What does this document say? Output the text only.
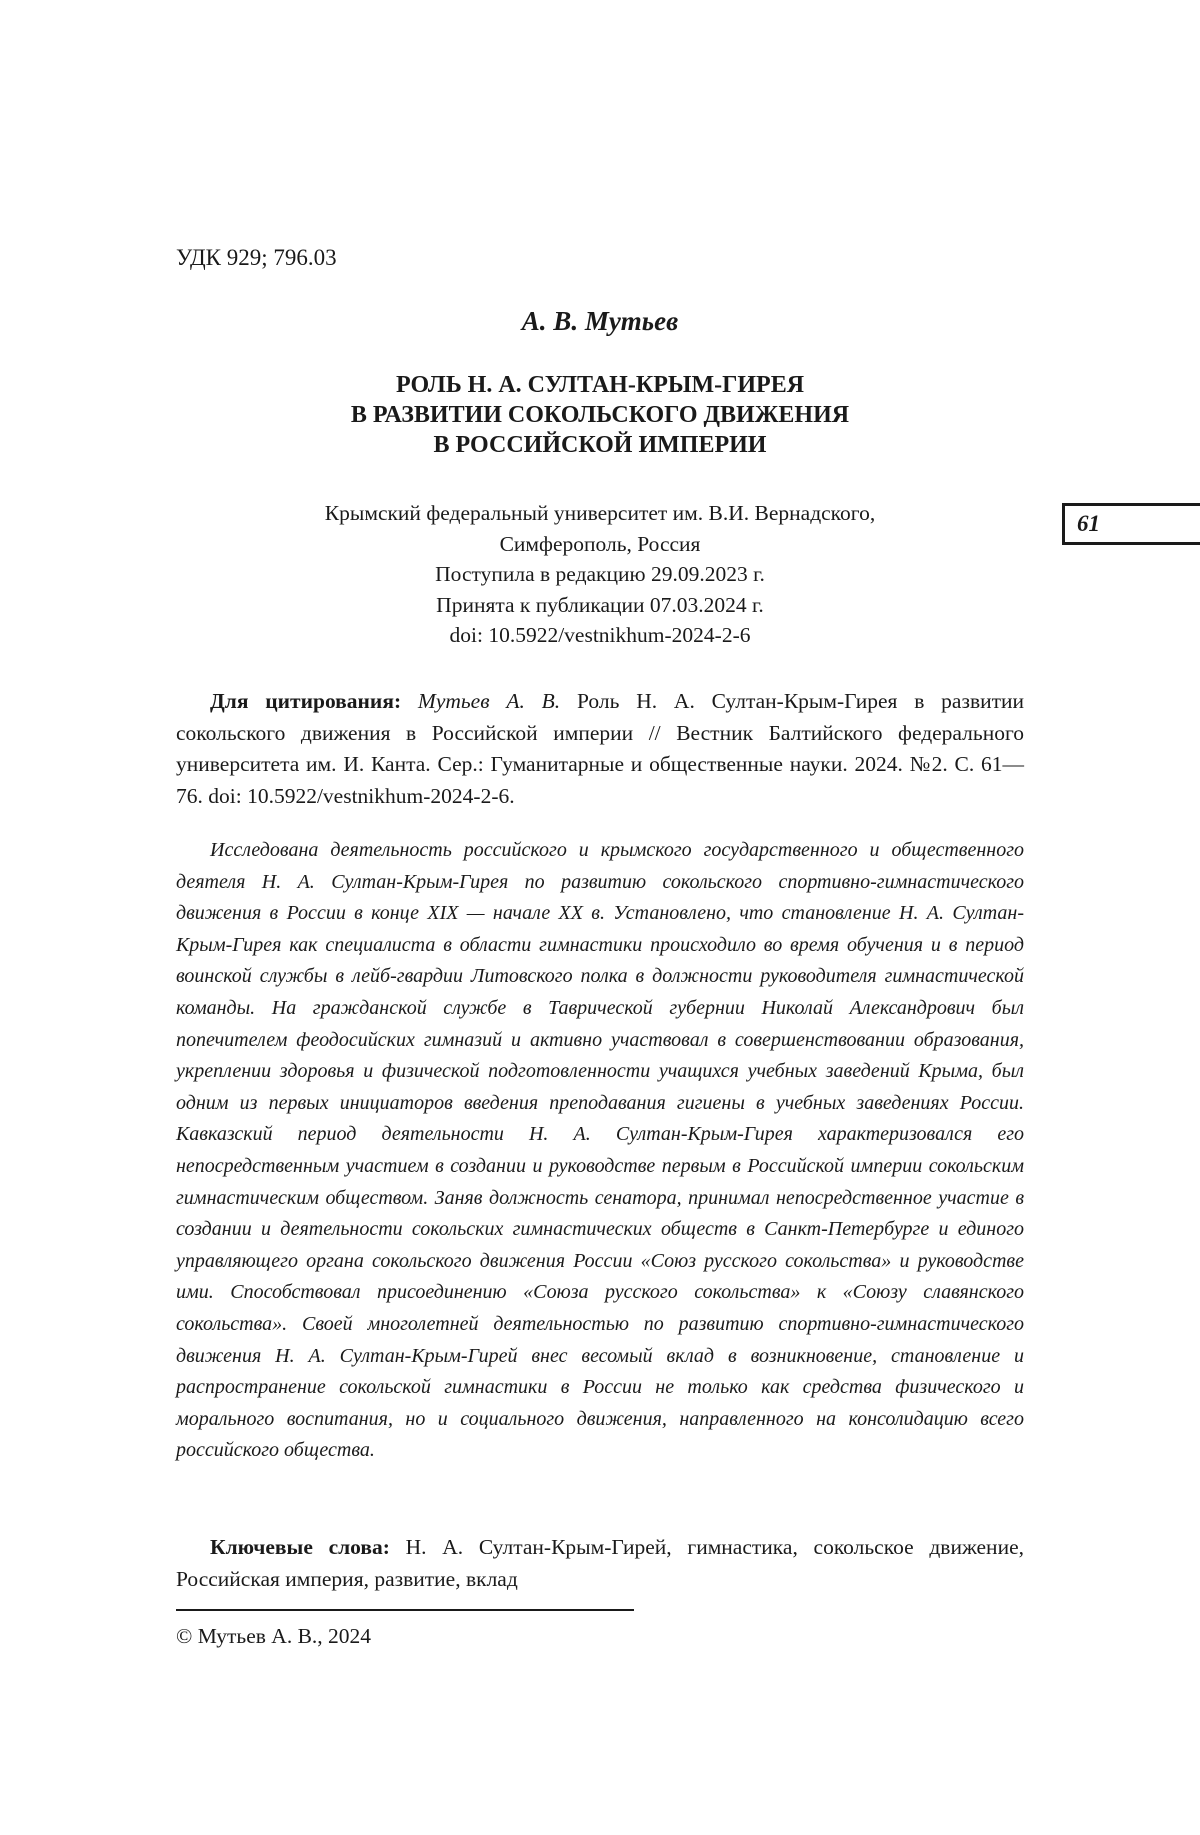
УДК 929; 796.03

А. В. Мутьев

РОЛЬ Н. А. СУЛТАН-КРЫМ-ГИРЕЯ
В РАЗВИТИИ СОКОЛЬСКОГО ДВИЖЕНИЯ
В РОССИЙСКОЙ ИМПЕРИИ
Крымский федеральный университет им. В.И. Вернадского,
Симферополь, Россия
Поступила в редакцию 29.09.2023 г.
Принята к публикации 07.03.2024 г.
doi: 10.5922/vestnikhum-2024-2-6
61

Для цитирования: Мутьев А. В. Роль Н. А. Султан-Крым-Гирея в развитии сокольского движения в Российской империи // Вестник Балтийского федерального университета им. И. Канта. Сер.: Гуманитарные и общественные науки. 2024. №2. С. 61—76. doi: 10.5922/vestnikhum-2024-2-6.

Исследована деятельность российского и крымского государственного и общественного деятеля Н. А. Султан-Крым-Гирея по развитию сокольского спортивно-гимнастического движения в России в конце XIX — начале XX в. Установлено, что становление Н. А. Султан-Крым-Гирея как специалиста в области гимнастики происходило во время обучения и в период воинской службы в лейб-гвардии Литовского полка в должности руководителя гимнастической команды. На гражданской службе в Таврической губернии Николай Александрович был попечителем феодосийских гимназий и активно участвовал в совершенствовании образования, укреплении здоровья и физической подготовленности учащихся учебных заведений Крыма, был одним из первых инициаторов введения преподавания гигиены в учебных заведениях России. Кавказский период деятельности Н. А. Султан-Крым-Гирея характеризовался его непосредственным участием в создании и руководстве первым в Российской империи сокольским гимнастическим обществом. Заняв должность сенатора, принимал непосредственное участие в создании и деятельности сокольских гимнастических обществ в Санкт-Петербурге и единого управляющего органа сокольского движения России «Союз русского сокольства» и руководстве ими. Способствовал присоединению «Союза русского сокольства» к «Союзу славянского сокольства». Своей многолетней деятельностью по развитию спортивно-гимнастического движения Н. А. Султан-Крым-Гирей внес весомый вклад в возникновение, становление и распространение сокольской гимнастики в России не только как средства физического и морального воспитания, но и социального движения, направленного на консолидацию всего российского общества.

Ключевые слова: Н. А. Султан-Крым-Гирей, гимнастика, сокольское движение, Российская империя, развитие, вклад

© Мутьев А. В., 2024
